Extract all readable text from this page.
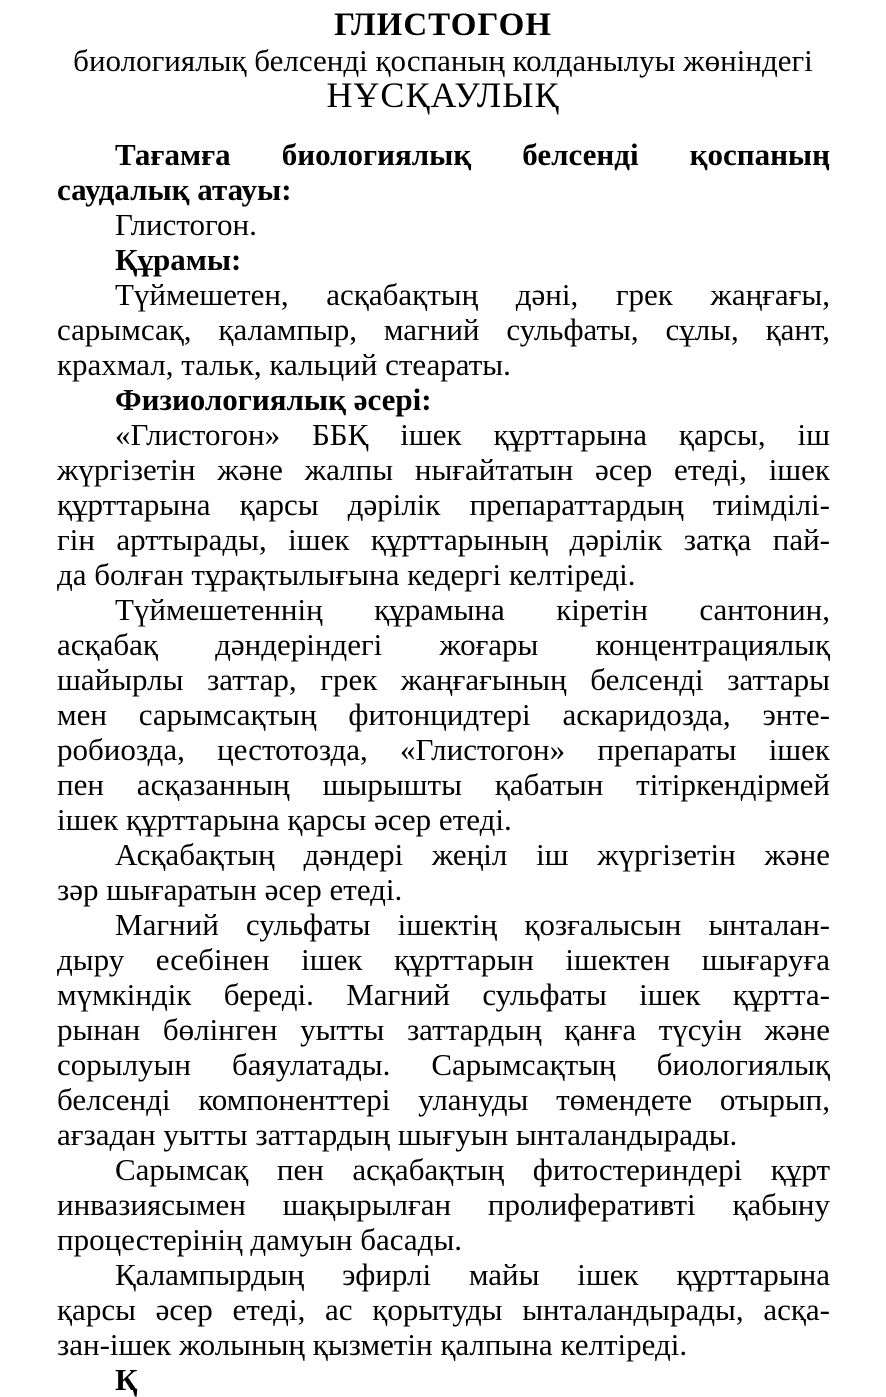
ГЛИСТОГОН
биологиялық белсенді қоспаның колданылуы жөніндегі
НҰСҚАУЛЫҚ
Тағамға биологиялық белсенді қоспаның
саудалық атауы:
Глистогон.
Құрамы:
Түймешетен, асқабақтың дәні, грек жаңғағы,
сарымсақ, қалампыр, магний сульфаты, сұлы, қант,
крахмал, тальк, кальций стеараты.
Физиологиялық әсері:
«Глистогон» ББҚ ішек құрттарына қарсы, іш
жүргізетін және жалпы нығайтатын әсер етеді, ішек
құрттарына қарсы дәрілік препараттардың тиімділі-
гін арттырады, ішек құрттарының дәрілік затқа пай-
да болған тұрақтылығына кедергі келтіреді.
Түймешетеннің құрамына кіретін сантонин,
асқабақ дәндеріндегі жоғары концентрациялық
шайырлы заттар, грек жаңғағының белсенді заттары
мен сарымсақтың фитонцидтері аскаридозда, энте-
робиозда, цестотозда, «Глистогон» препараты ішек
пен асқазанның шырышты қабатын тітіркендірмей
ішек құрттарына қарсы әсер етеді.
Асқабақтың дәндері жеңіл іш жүргізетін және
зәр шығаратын әсер етеді.
Магний сульфаты ішектің қозғалысын ынталан-
дыру есебінен ішек құрттарын ішектен шығаруға
мүмкіндік береді. Магний сульфаты ішек құртта-
рынан бөлінген уытты заттардың қанға түсуін және
сорылуын баяулатады. Сарымсақтың биологиялық
белсенді компоненттері улануды төмендете отырып,
ағзадан уытты заттардың шығуын ынталандырады.
Сарымсақ пен асқабақтың фитостериндері құрт
инвазиясымен шақырылған пролиферативті қабыну
процестерінің дамуын басады.
Қалампырдың эфирлі майы ішек құрттарына
қарсы әсер етеді, ас қорытуды ынталандырады, асқа-
зан-ішек жолының қызметін қалпына келтіреді.
Қ
